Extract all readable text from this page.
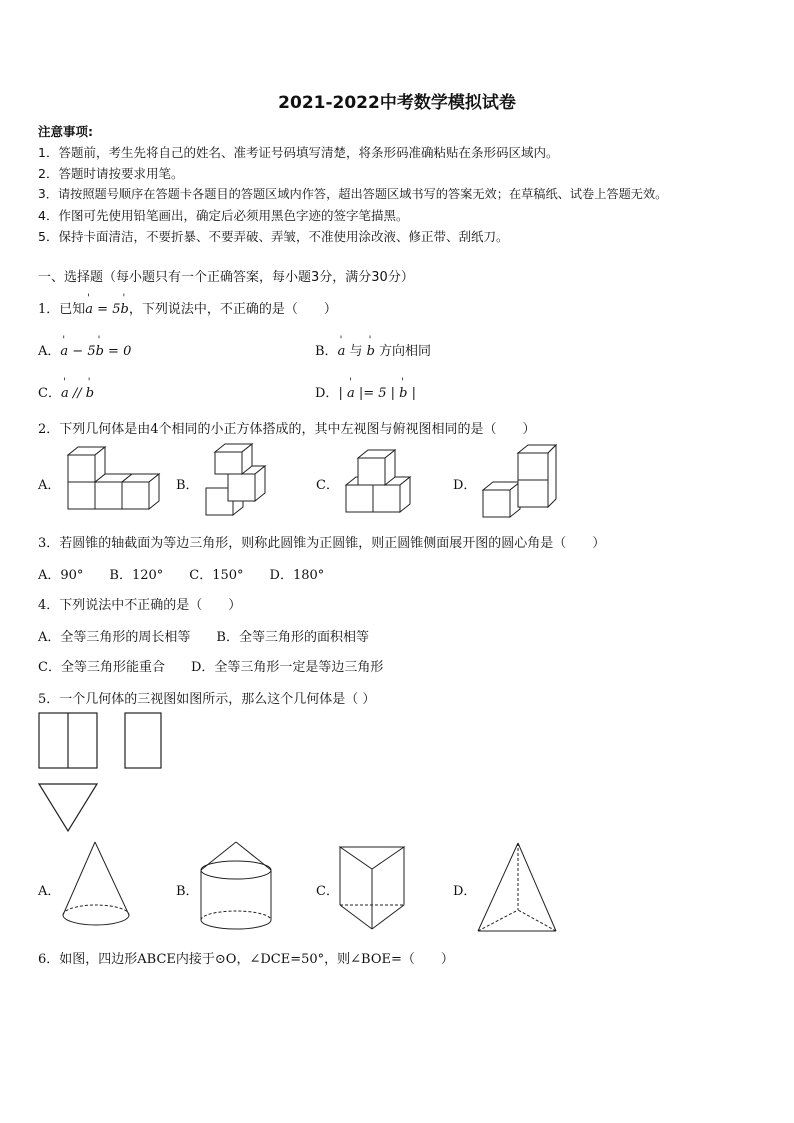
2021-2022中考数学模拟试卷
注意事项:
1．答题前，考生先将自己的姓名、准考证号码填写清楚，将条形码准确粘贴在条形码区域内。
2．答题时请按要求用笔。
3．请按照题号顺序在答题卡各题目的答题区域内作答，超出答题区域书写的答案无效；在草稿纸、试卷上答题无效。
4．作图可先使用铅笔画出，确定后必须用黑色字迹的签字笔描黑。
5．保持卡面清洁，不要折暴、不要弄破、弄皱，不准使用涂改液、修正带、刮纸刀。
一、选择题（每小题只有一个正确答案，每小题3分，满分30分）
1．已知' a = 5' b，下列说法中，不正确的是（　　）
A．' a − 5' b = 0	B．' a 与 ' b 方向相同
C．' a // ' b	D．| ' a |= 5 | ' b |
2．下列几何体是由4个相同的小正方体搭成的，其中左视图与俯视图相同的是（　　）
A．	B．	C．	D．
3．若圆锥的轴截面为等边三角形，则称此圆锥为正圆锥，则正圆锥侧面展开图的圆心角是（　　）
A．90°　　B．120°　　C．150°　　D．180°
4．下列说法中不正确的是（　　）
A．全等三角形的周长相等　　B．全等三角形的面积相等
C．全等三角形能重合　　D．全等三角形一定是等边三角形
5．一个几何体的三视图如图所示，那么这个几何体是（ ）
A．	B．	C．	D．
6．如图，四边形ABCE内接于⊙O，∠DCE=50°，则∠BOE=（　　）
